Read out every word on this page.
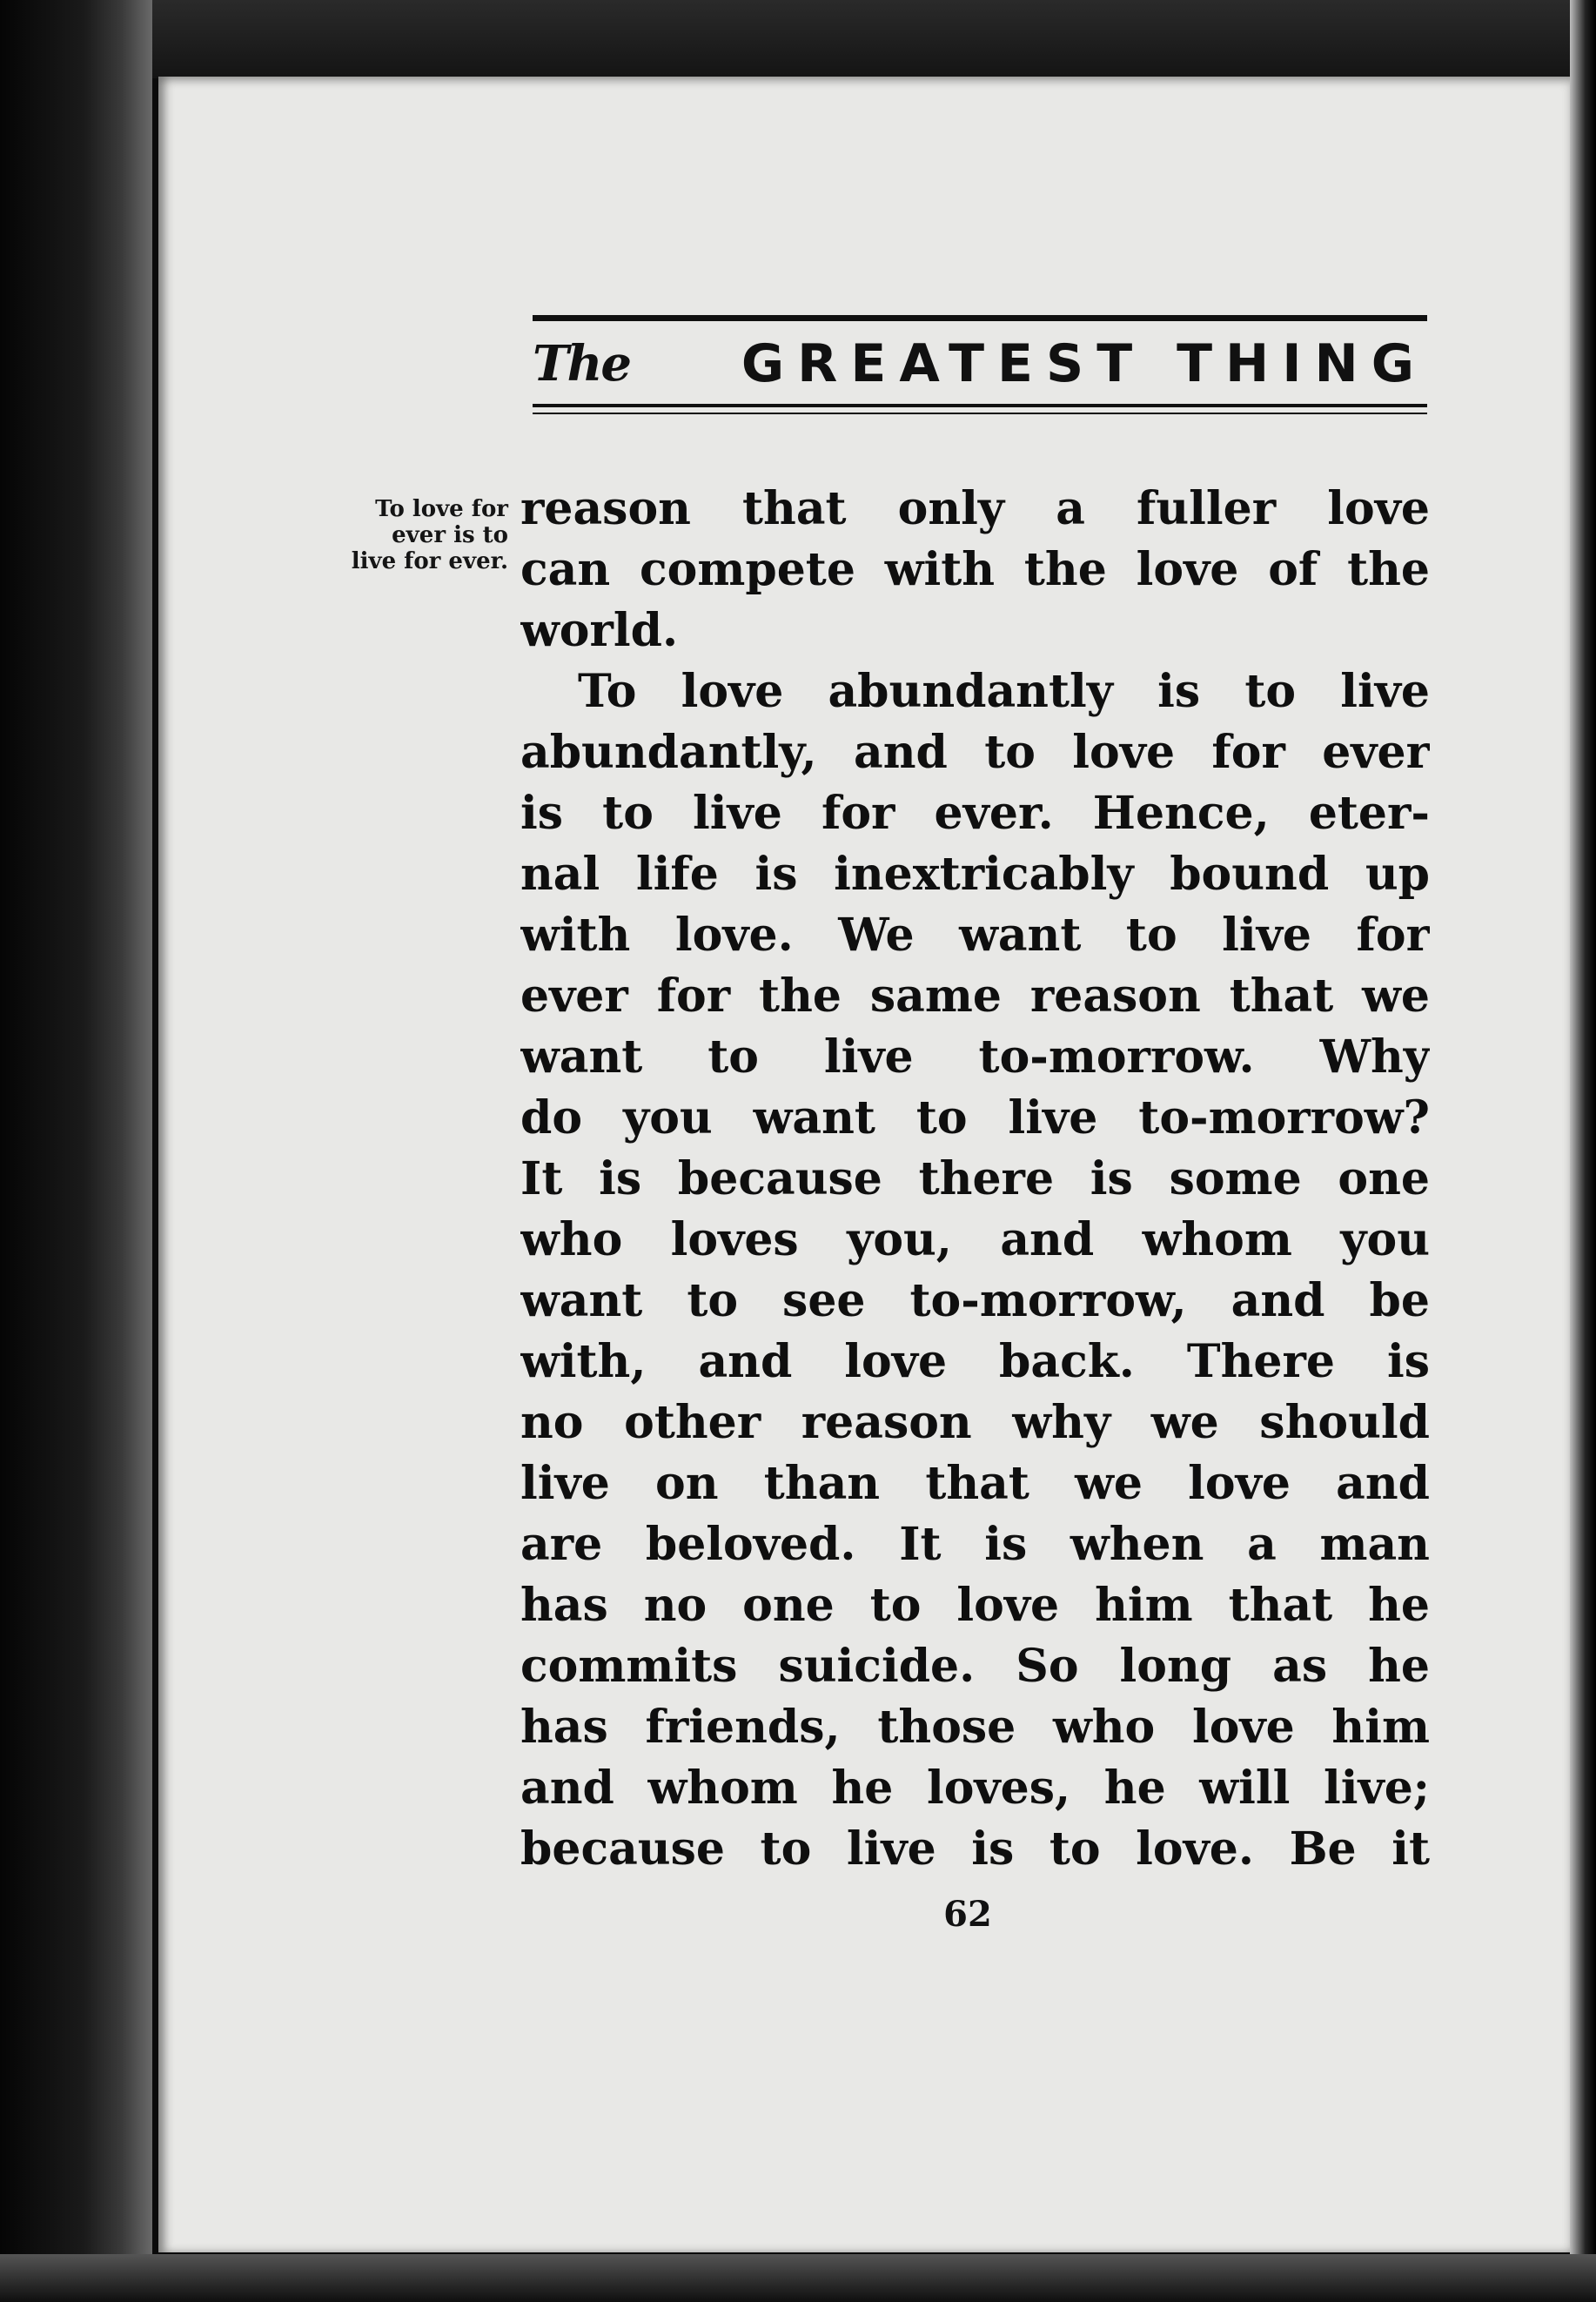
The GREATEST THING
To love for
ever is to
live for ever.
reason that only a fuller love
can compete with the love of the
world.
To love abundantly is to live
abundantly, and to love for ever
is to live for ever. Hence, eter-
nal life is inextricably bound up
with love. We want to live for
ever for the same reason that we
want to live to-morrow. Why
do you want to live to-morrow?
It is because there is some one
who loves you, and whom you
want to see to-morrow, and be
with, and love back. There is
no other reason why we should
live on than that we love and
are beloved. It is when a man
has no one to love him that he
commits suicide. So long as he
has friends, those who love him
and whom he loves, he will live;
because to live is to love. Be it
62
